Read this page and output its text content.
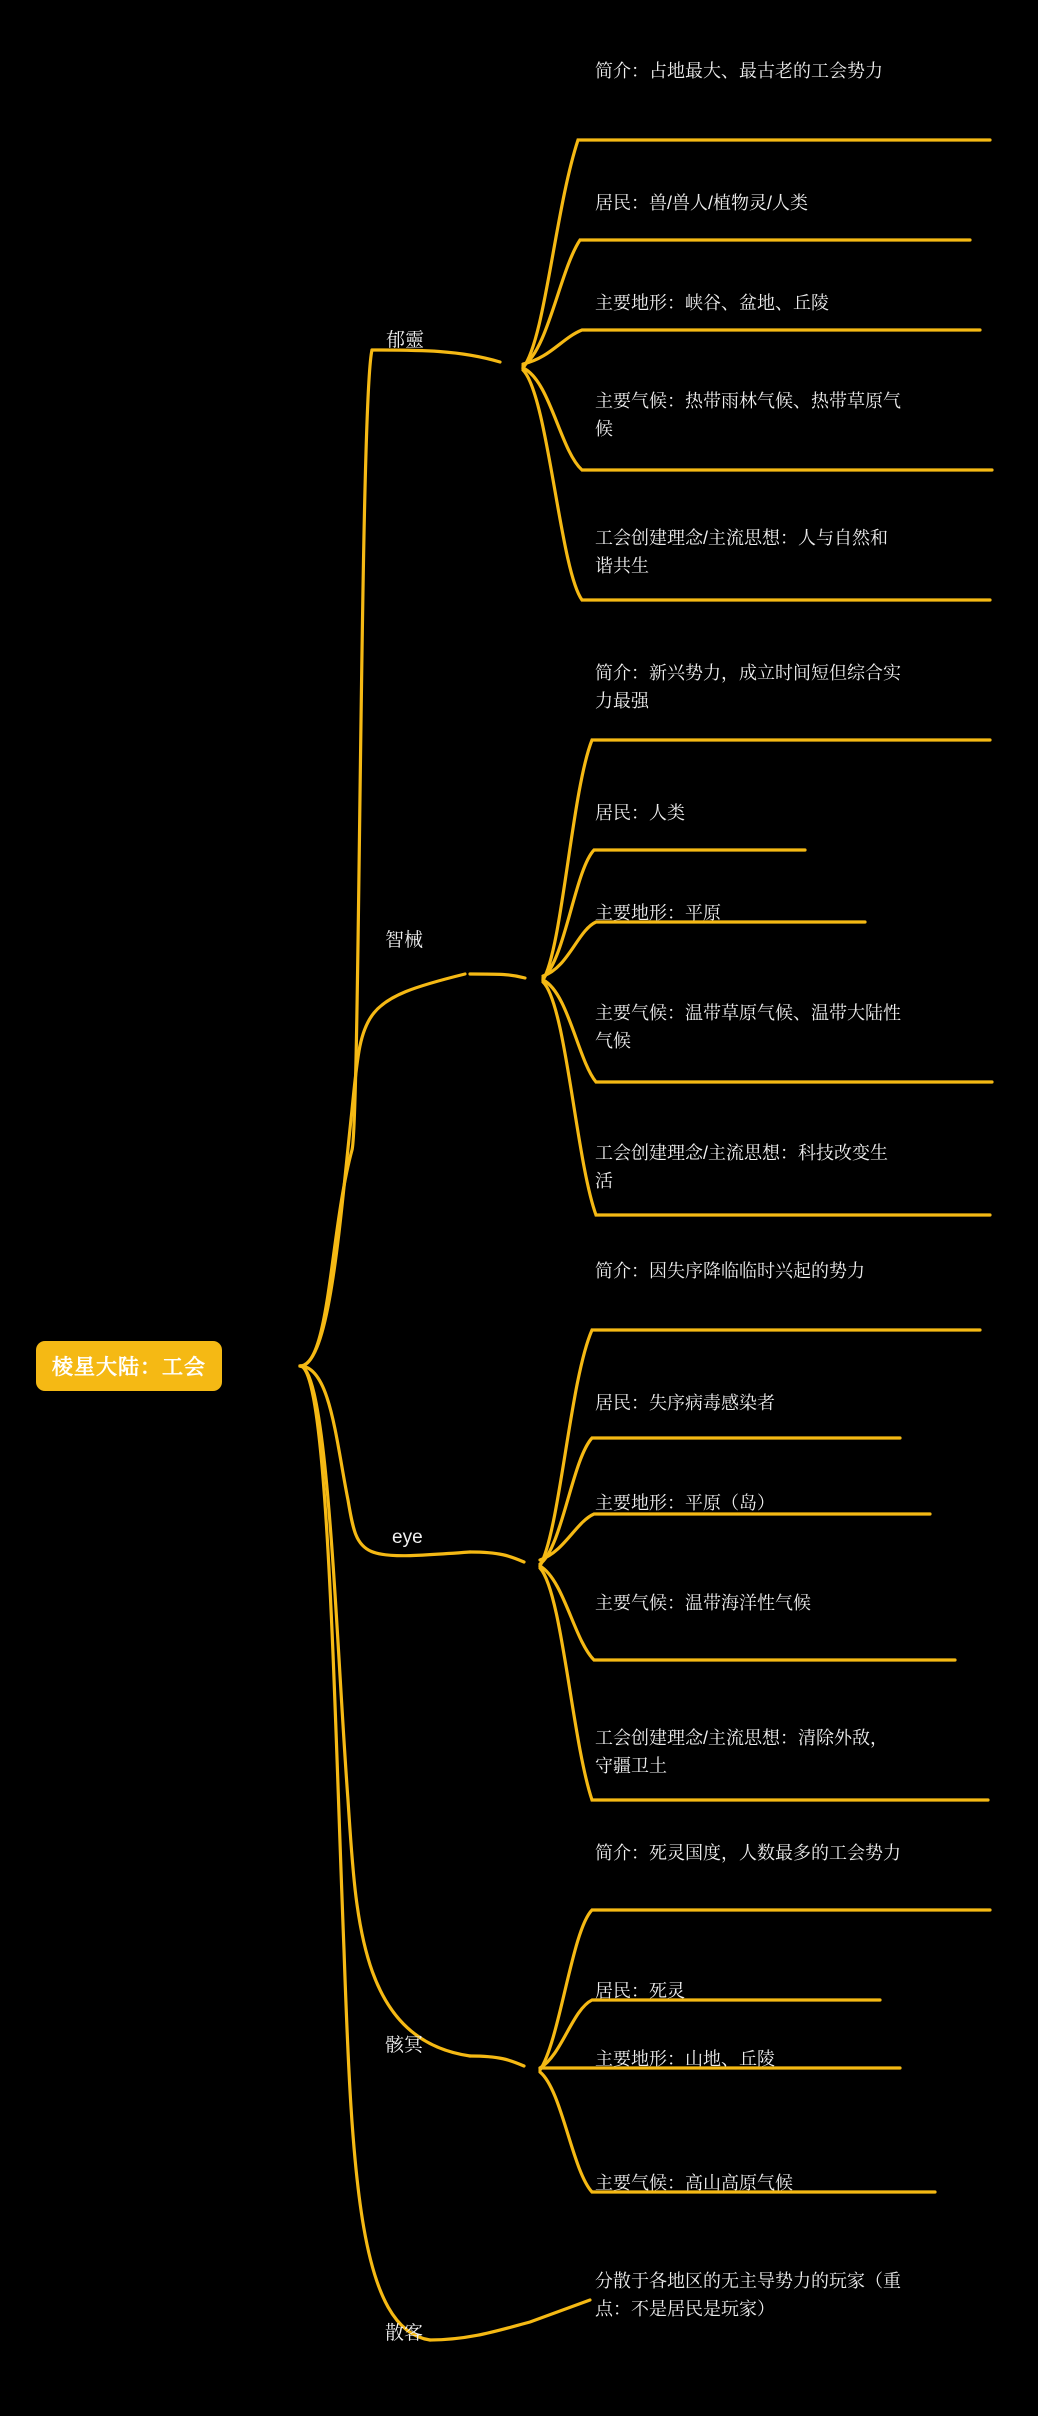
棱星大陆：工会
郁靈
简介：占地最大、最古老的工会势力
居民：兽/兽人/植物灵/人类
主要地形：峡谷、盆地、丘陵
主要气候：热带雨林气候、热带草原气候
工会创建理念/主流思想：人与自然和谐共生
智械
简介：新兴势力，成立时间短但综合实力最强
居民：人类
主要地形：平原
主要气候：温带草原气候、温带大陆性气候
工会创建理念/主流思想：科技改变生活
eye
简介：因失序降临临时兴起的势力
居民：失序病毒感染者
主要地形：平原（岛）
主要气候：温带海洋性气候
工会创建理念/主流思想：清除外敌，守疆卫土
骸冥
简介：死灵国度，人数最多的工会势力
居民：死灵
主要地形：山地、丘陵
主要气候：高山高原气候
散客
分散于各地区的无主导势力的玩家（重点：不是居民是玩家）
